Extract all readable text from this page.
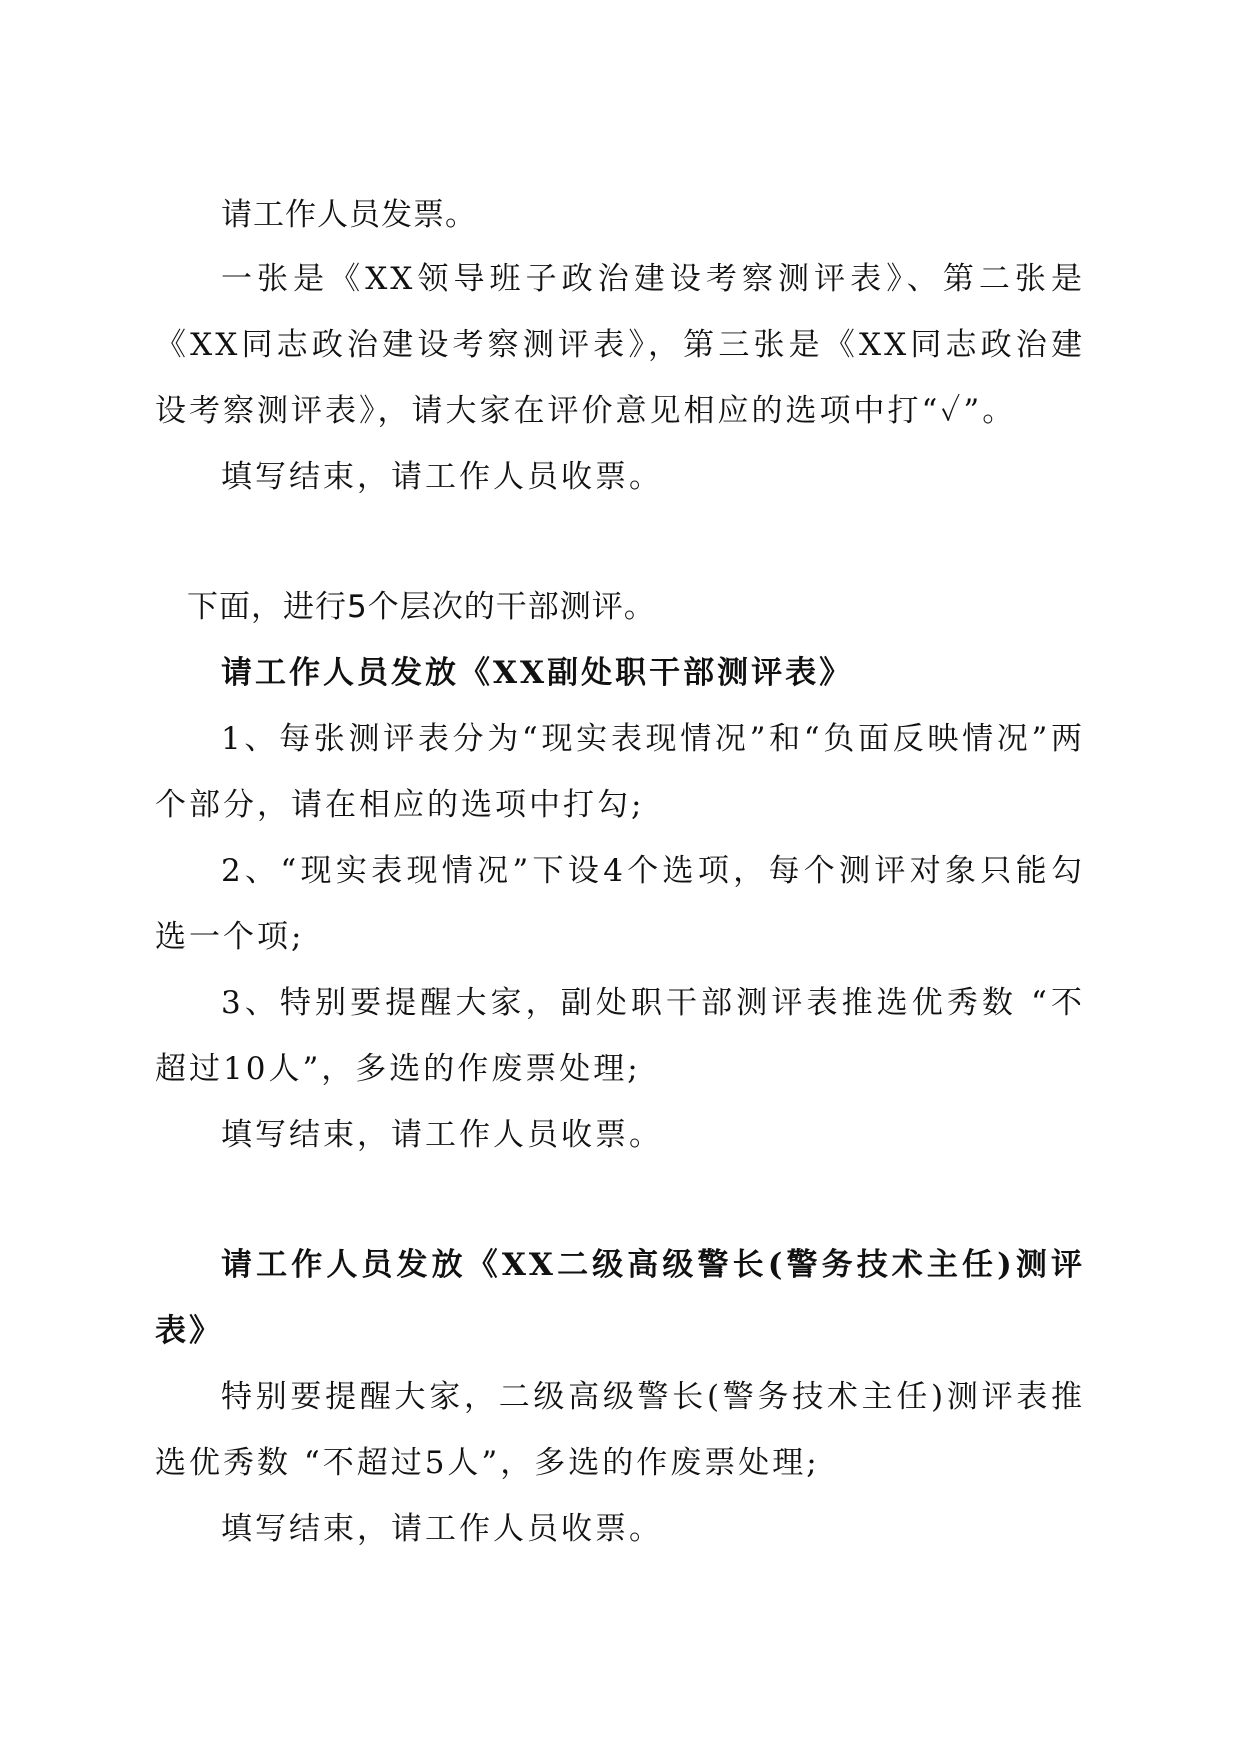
请工作人员发票。

一张是《XX领导班子政治建设考察测评表》、第二张是《XX同志政治建设考察测评表》，第三张是《XX同志政治建设考察测评表》，请大家在评价意见相应的选项中打“✓”。

填写结束，请工作人员收票。

下面，进行5个层次的干部测评。

请工作人员发放《XX副处职干部测评表》

1、每张测评表分为“现实表现情况”和“负面反映情况”两个部分，请在相应的选项中打勾;

2、“现实表现情况”下设4个选项，每个测评对象只能勾选一个项;

3、特别要提醒大家，副处职干部测评表推选优秀数 “不超过10人”，多选的作废票处理;

填写结束，请工作人员收票。

请工作人员发放《XX二级高级警长(警务技术主任)测评表》

特别要提醒大家，二级高级警长(警务技术主任)测评表推选优秀数 “不超过5人”，多选的作废票处理;

填写结束，请工作人员收票。
